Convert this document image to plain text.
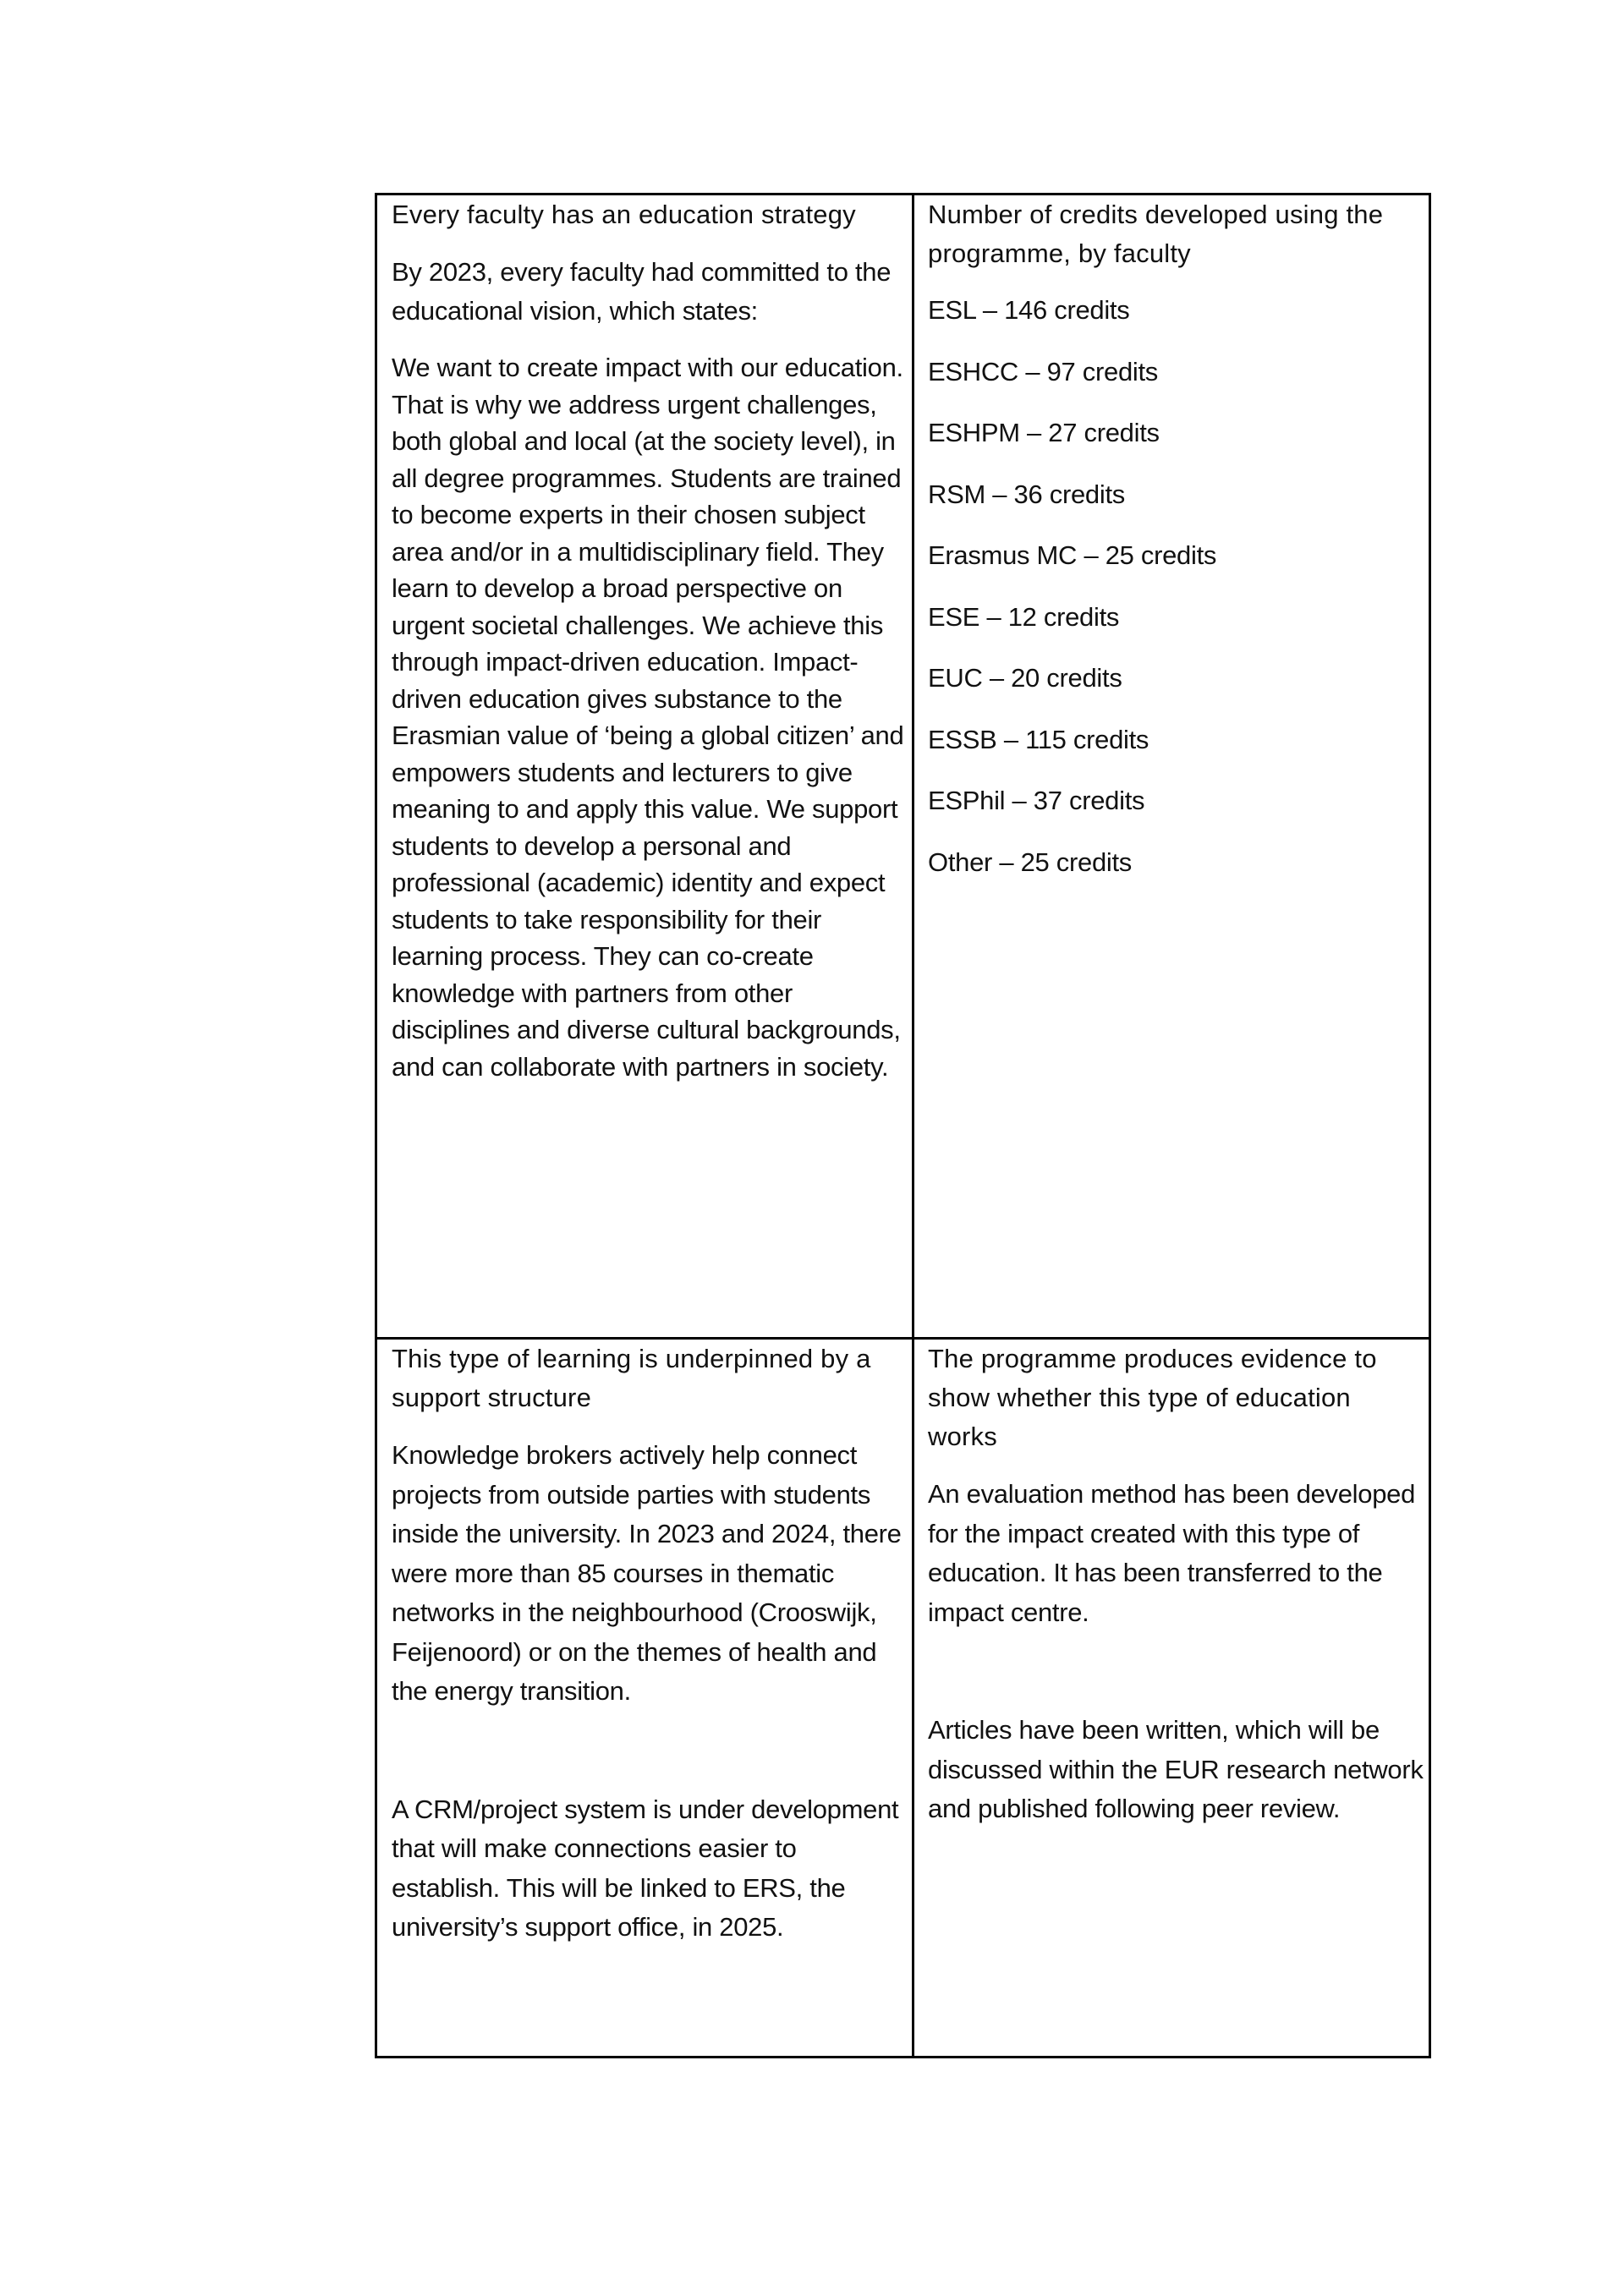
Every faculty has an education strategy

By 2023, every faculty had committed to the educational vision, which states:

We want to create impact with our education. That is why we address urgent challenges, both global and local (at the society level), in all degree programmes. Students are trained to become experts in their chosen subject area and/or in a multidisciplinary field. They learn to develop a broad perspective on urgent societal challenges. We achieve this through impact-driven education. Impact-driven education gives substance to the Erasmian value of ‘being a global citizen’ and empowers students and lecturers to give meaning to and apply this value. We support students to develop a personal and professional (academic) identity and expect students to take responsibility for their learning process. They can co-create knowledge with partners from other disciplines and diverse cultural backgrounds, and can collaborate with partners in society.

Number of credits developed using the programme, by faculty
ESL – 146 credits
ESHCC – 97 credits
ESHPM – 27 credits
RSM – 36 credits
Erasmus MC – 25 credits
ESE – 12 credits
EUC – 20 credits
ESSB – 115 credits
ESPhil – 37 credits
Other – 25 credits
This type of learning is underpinned by a support structure

Knowledge brokers actively help connect projects from outside parties with students inside the university. In 2023 and 2024, there were more than 85 courses in thematic networks in the neighbourhood (Crooswijk, Feijenoord) or on the themes of health and the energy transition.

A CRM/project system is under development that will make connections easier to establish. This will be linked to ERS, the university’s support office, in 2025.

The programme produces evidence to show whether this type of education works

An evaluation method has been developed for the impact created with this type of education. It has been transferred to the impact centre.

Articles have been written, which will be discussed within the EUR research network and published following peer review.
